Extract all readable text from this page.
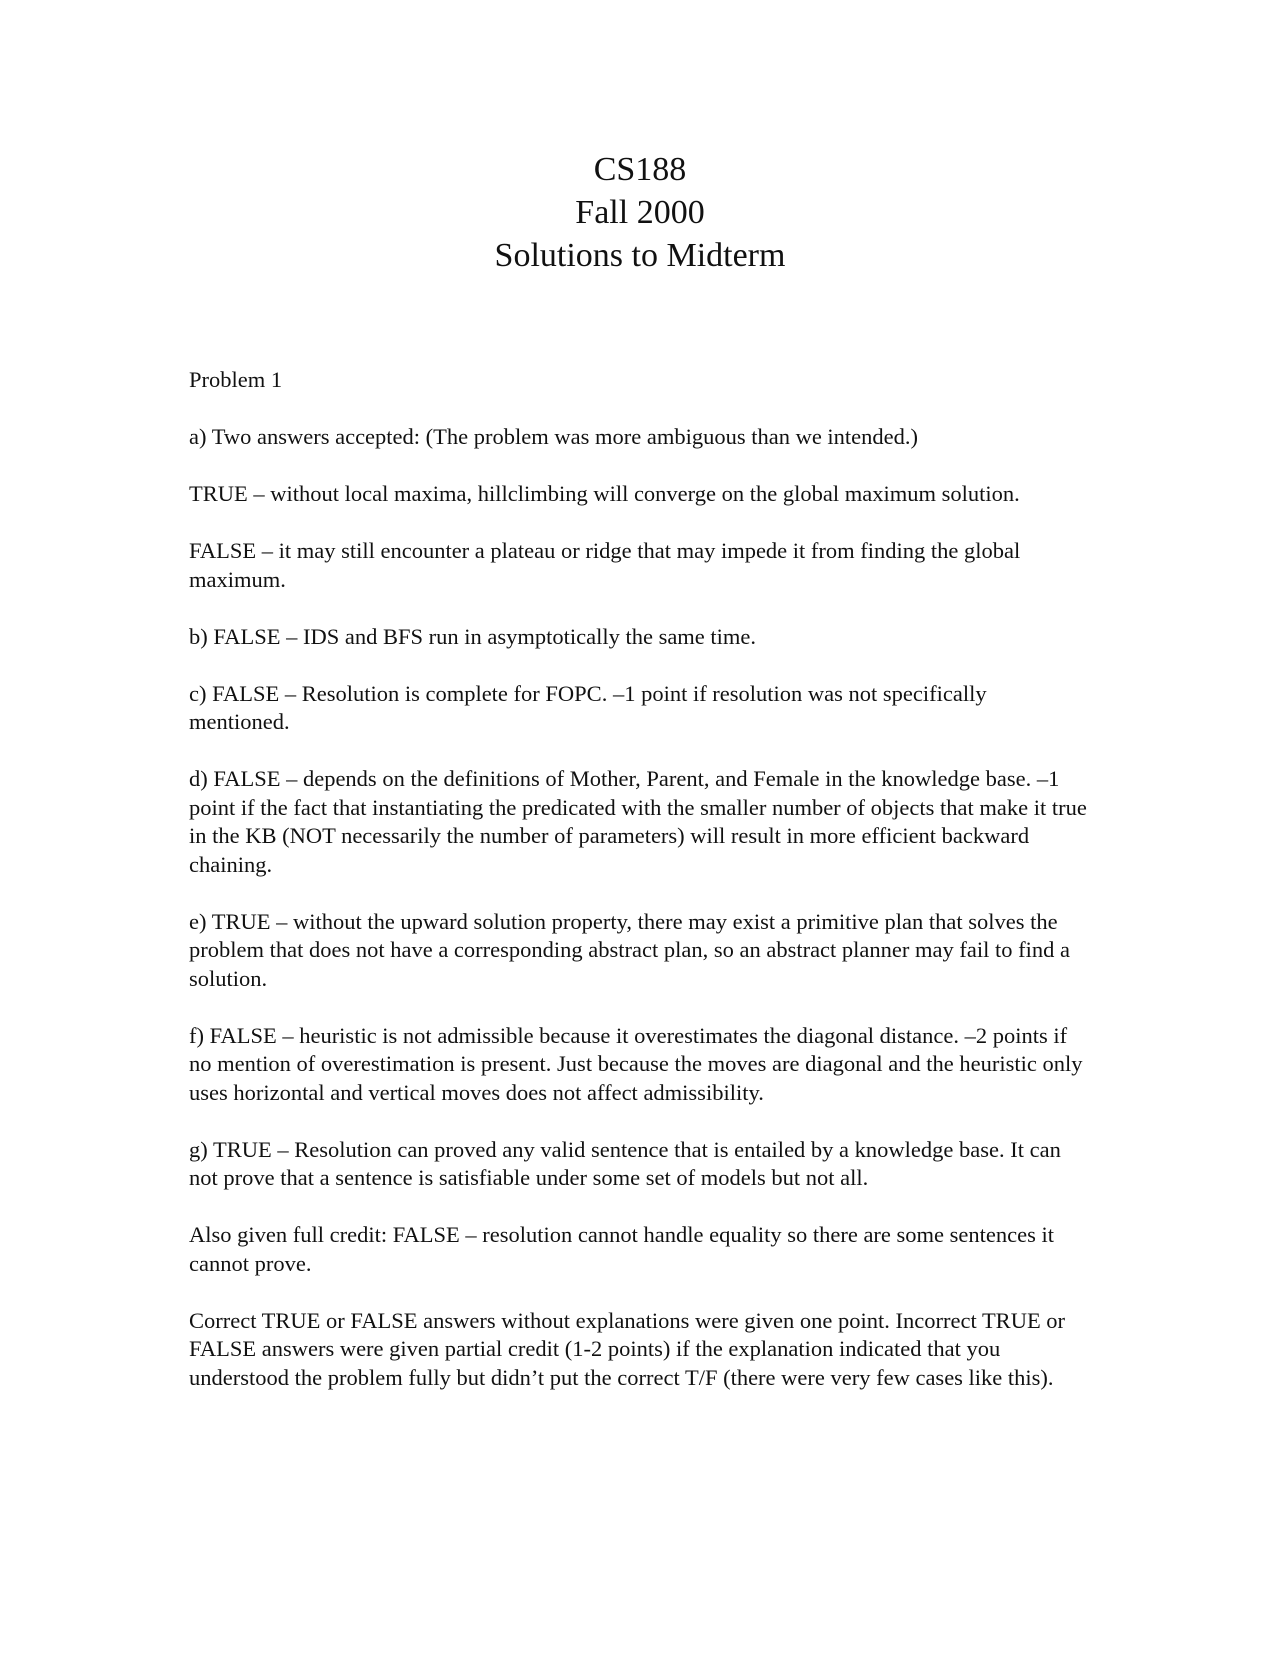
CS188
Fall 2000
Solutions to Midterm

Problem 1

a) Two answers accepted: (The problem was more ambiguous than we intended.)

TRUE – without local maxima, hillclimbing will converge on the global maximum solution.

FALSE – it may still encounter a plateau or ridge that may impede it from finding the global maximum.

b) FALSE – IDS and BFS run in asymptotically the same time.

c) FALSE – Resolution is complete for FOPC. –1 point if resolution was not specifically mentioned.

d) FALSE – depends on the definitions of Mother, Parent, and Female in the knowledge base. –1 point if the fact that instantiating the predicated with the smaller number of objects that make it true in the KB (NOT necessarily the number of parameters) will result in more efficient backward chaining.

e) TRUE – without the upward solution property, there may exist a primitive plan that solves the problem that does not have a corresponding abstract plan, so an abstract planner may fail to find a solution.

f) FALSE – heuristic is not admissible because it overestimates the diagonal distance. –2 points if no mention of overestimation is present. Just because the moves are diagonal and the heuristic only uses horizontal and vertical moves does not affect admissibility.

g) TRUE – Resolution can proved any valid sentence that is entailed by a knowledge base. It can not prove that a sentence is satisfiable under some set of models but not all.

Also given full credit: FALSE – resolution cannot handle equality so there are some sentences it cannot prove.

Correct TRUE or FALSE answers without explanations were given one point. Incorrect TRUE or FALSE answers were given partial credit (1-2 points) if the explanation indicated that you understood the problem fully but didn’t put the correct T/F (there were very few cases like this).
